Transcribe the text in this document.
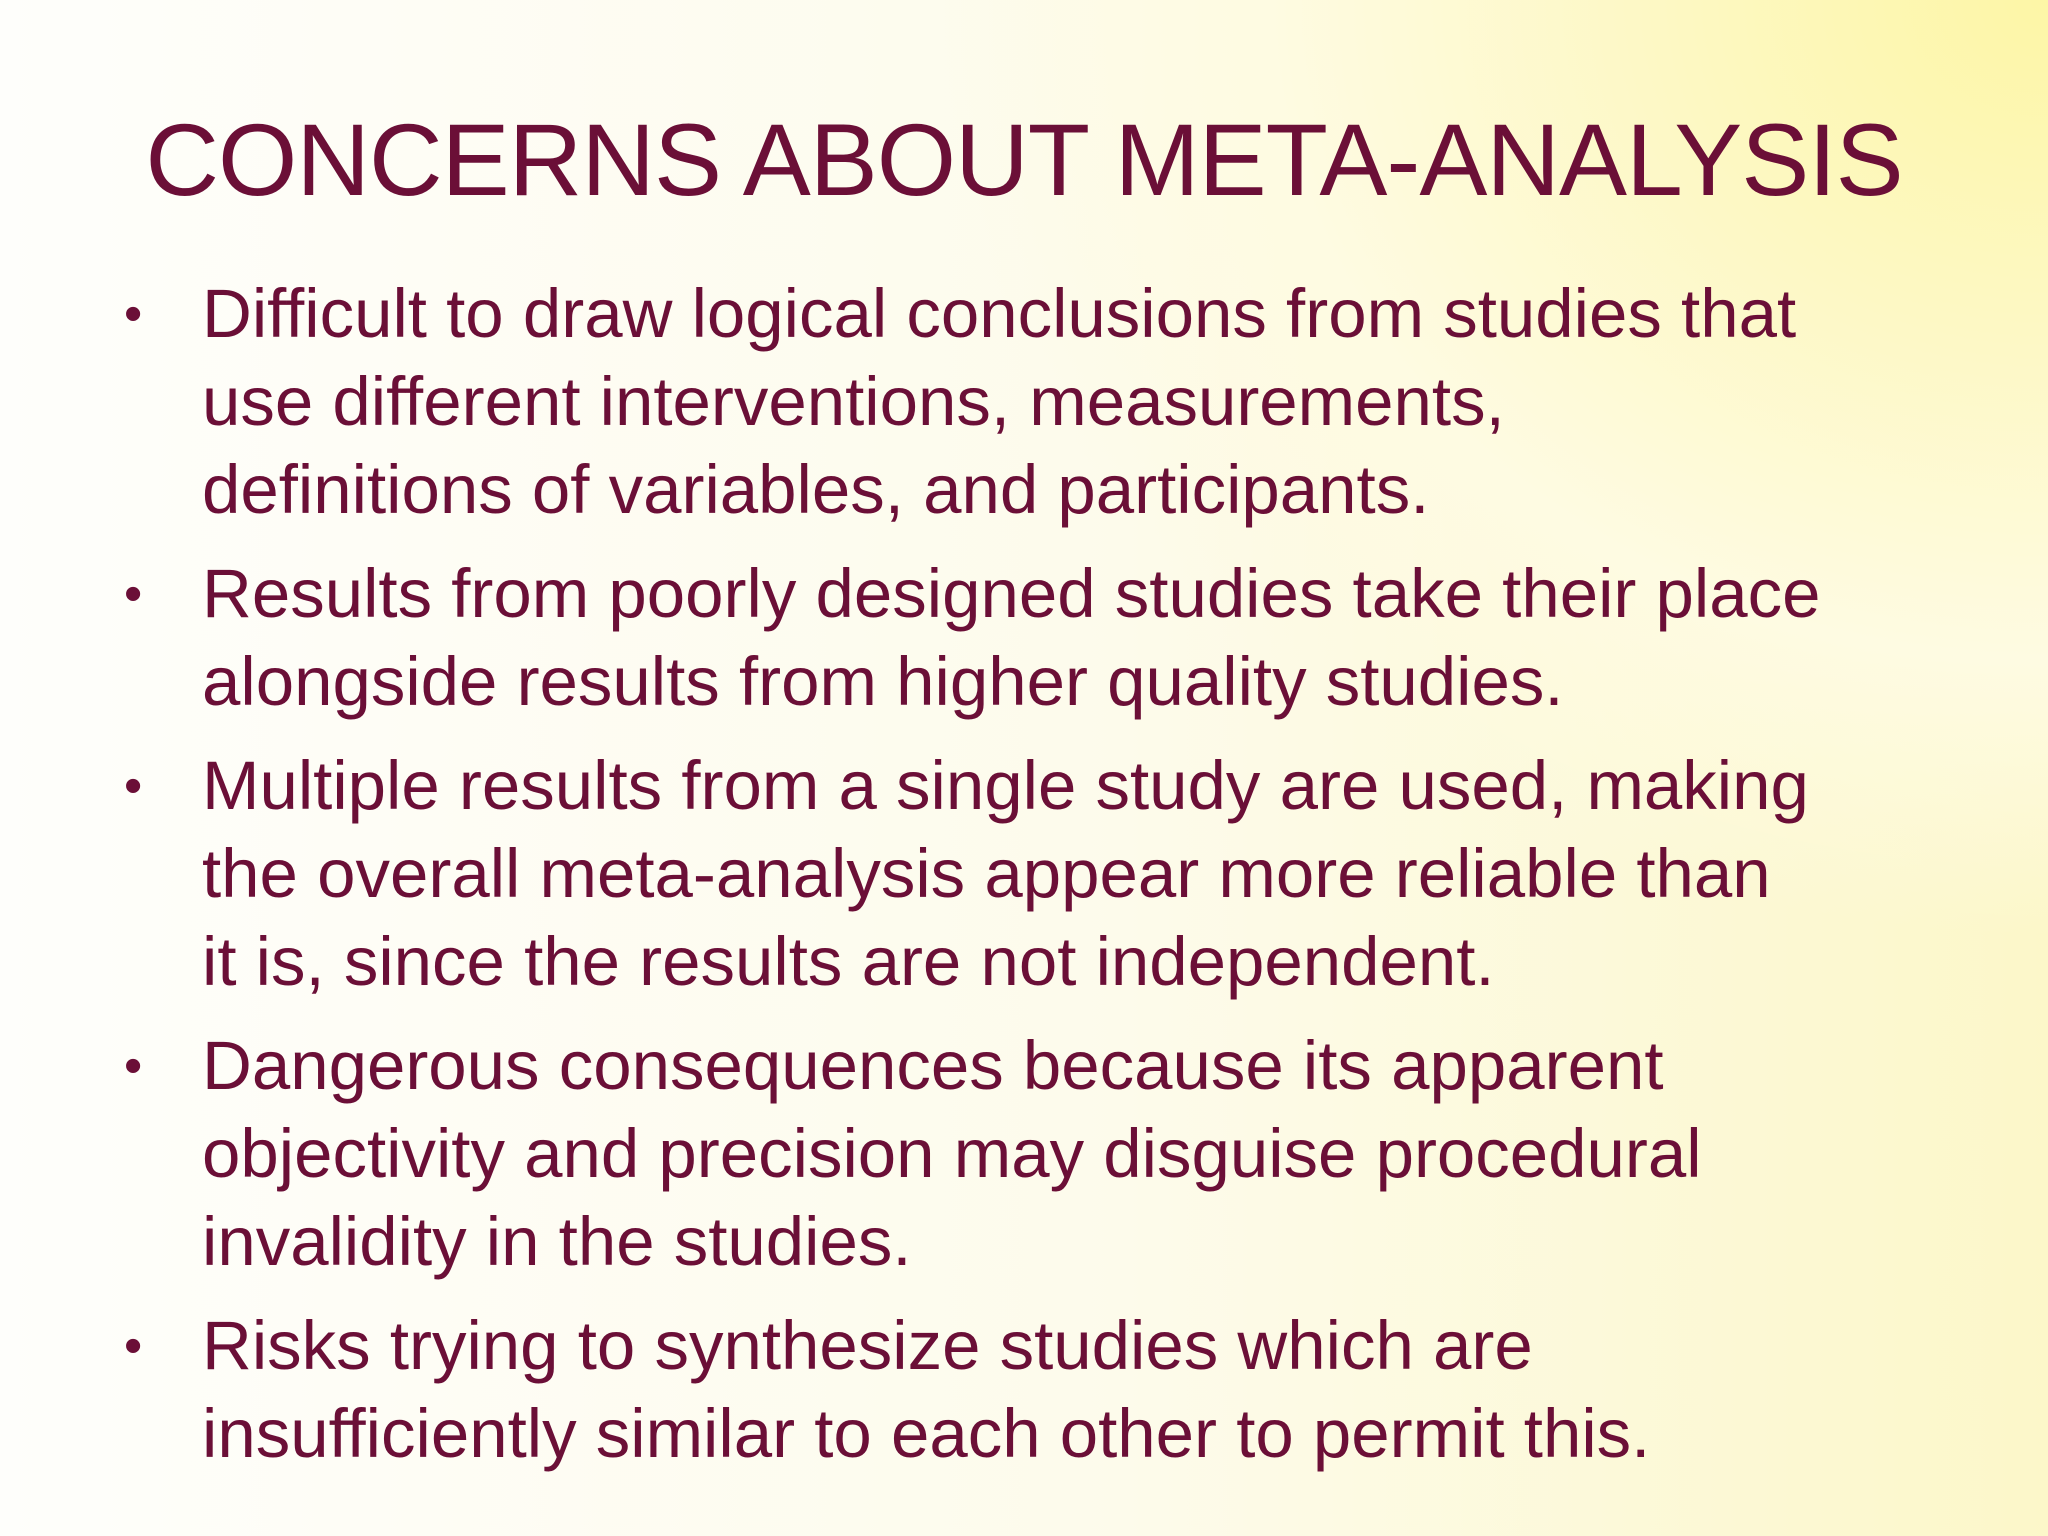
CONCERNS ABOUT META-ANALYSIS
• Difficult to draw logical conclusions from studies that
use different interventions, measurements,
definitions of variables, and participants.
• Results from poorly designed studies take their place
alongside results from higher quality studies.
• Multiple results from a single study are used, making
the overall meta-analysis appear more reliable than
it is, since the results are not independent.
• Dangerous consequences because its apparent
objectivity and precision may disguise procedural
invalidity in the studies.
• Risks trying to synthesize studies which are
insufficiently similar to each other to permit this.
